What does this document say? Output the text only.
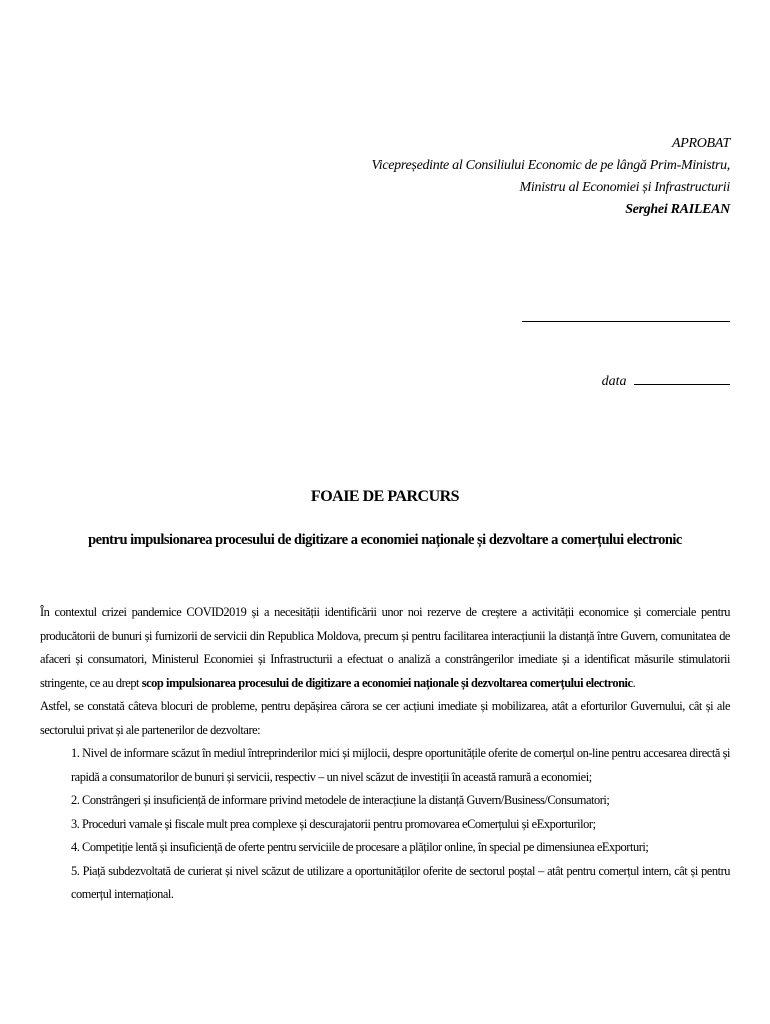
APROBAT
Vicepreședinte al Consiliului Economic de pe lângă Prim-Ministru,
Ministru al Economiei și Infrastructurii
Serghei RAILEAN
data
FOAIE DE PARCURS
pentru impulsionarea procesului de digitizare a economiei naționale și dezvoltare a comerțului electronic

În contextul crizei pandemice COVID2019 și a necesității identificării unor noi rezerve de creștere a activității economice și comerciale pentru producătorii de bunuri și furnizorii de servicii din Republica Moldova, precum și pentru facilitarea interacțiunii la distanță între Guvern, comunitatea de afaceri și consumatori, Ministerul Economiei și Infrastructurii a efectuat o analiză a constrângerilor imediate și a identificat măsurile stimulatorii stringente, ce au drept scop impulsionarea procesului de digitizare a economiei naționale și dezvoltarea comerțului electronic.

Astfel, se constată câteva blocuri de probleme, pentru depășirea cărora se cer acțiuni imediate și mobilizarea, atât a eforturilor Guvernului, cât și ale sectorului privat și ale partenerilor de dezvoltare:

1. Nivel de informare scăzut în mediul întreprinderilor mici și mijlocii, despre oportunitățile oferite de comerțul on-line pentru accesarea directă și rapidă a consumatorilor de bunuri și servicii, respectiv – un nivel scăzut de investiții în această ramură a economiei;
2. Constrângeri și insuficiență de informare privind metodele de interacțiune la distanță Guvern/Business/Consumatori;
3. Proceduri vamale și fiscale mult prea complexe și descurajatorii pentru promovarea eComerțului și eExporturilor;
4. Competiție lentă și insuficiență de oferte pentru serviciile de procesare a plăților online, în special pe dimensiunea eExporturi;
5. Piață subdezvoltată de curierat și nivel scăzut de utilizare a oportunităților oferite de sectorul poștal – atât pentru comerțul intern, cât și pentru comerțul internațional.
